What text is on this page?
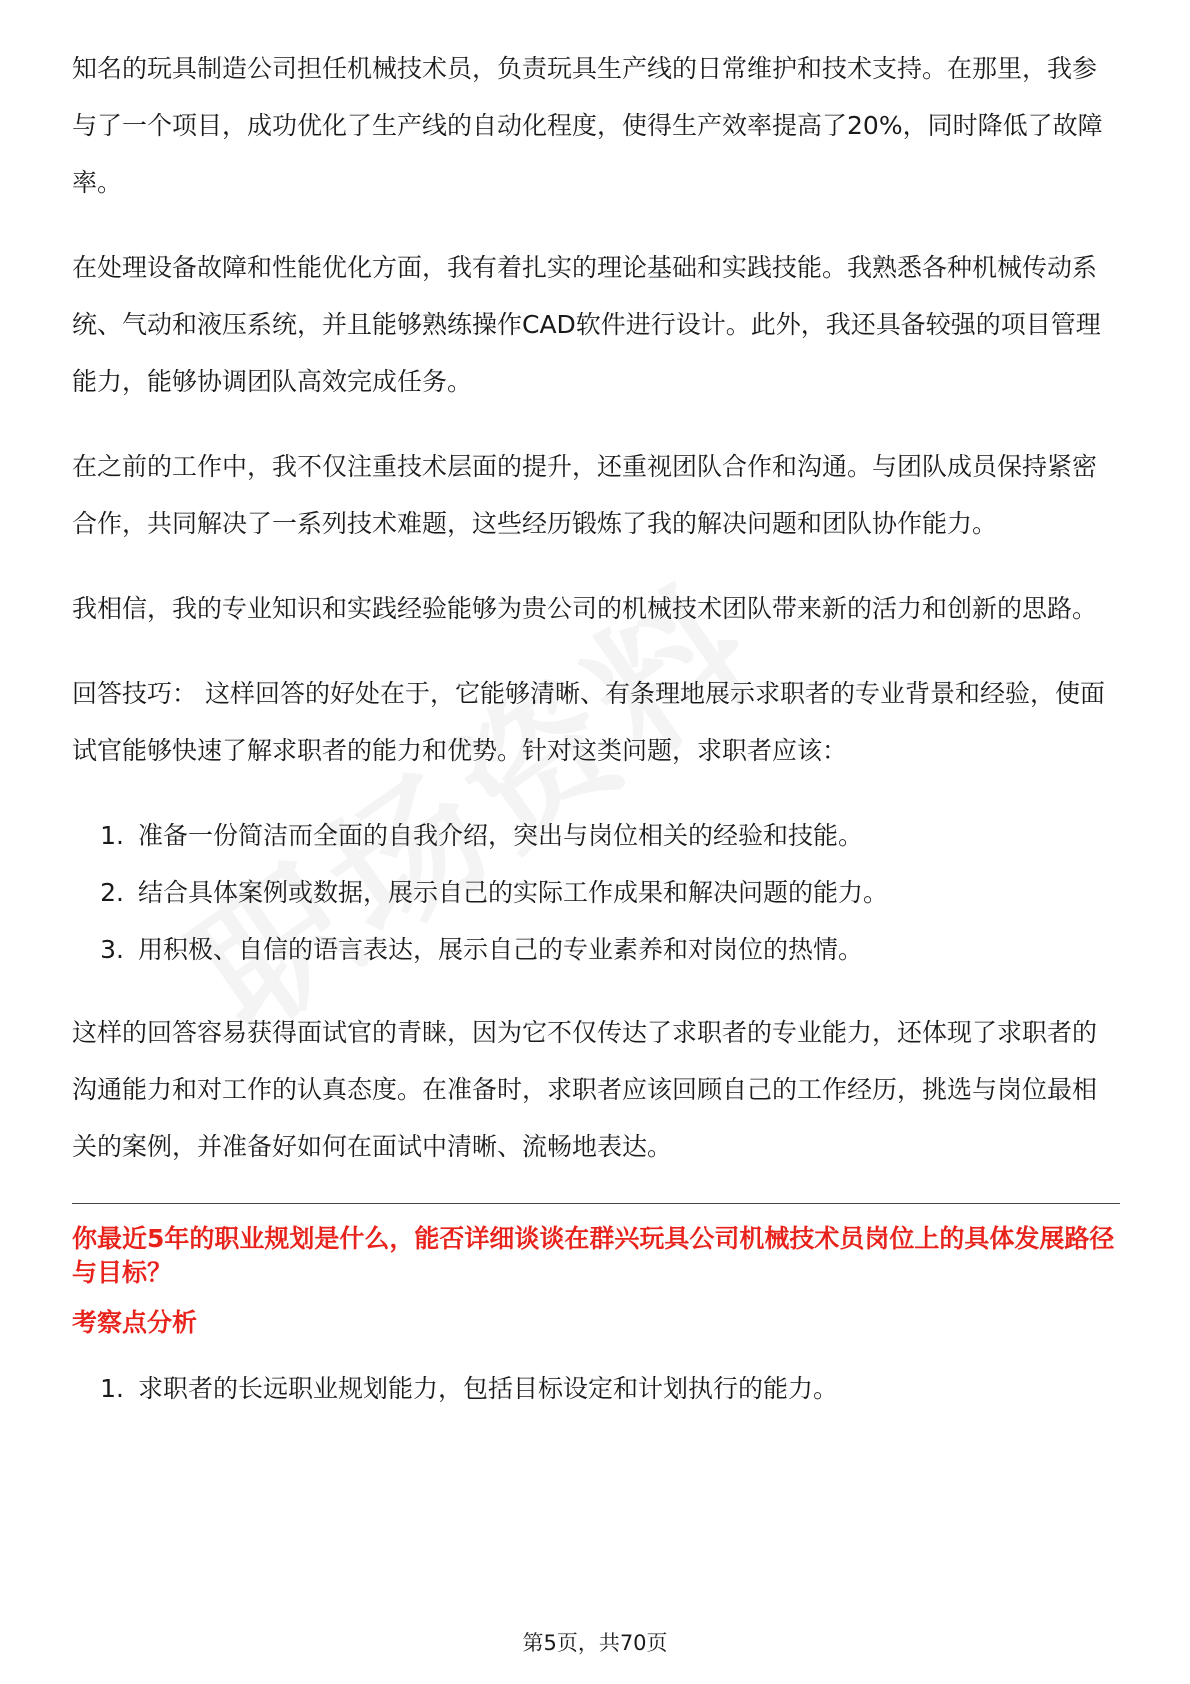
知名的玩具制造公司担任机械技术员，负责玩具生产线的日常维护和技术支持。在那里，我参与了一个项目，成功优化了生产线的自动化程度，使得生产效率提高了20%，同时降低了故障率。

在处理设备故障和性能优化方面，我有着扎实的理论基础和实践技能。我熟悉各种机械传动系统、气动和液压系统，并且能够熟练操作CAD软件进行设计。此外，我还具备较强的项目管理能力，能够协调团队高效完成任务。

在之前的工作中，我不仅注重技术层面的提升，还重视团队合作和沟通。与团队成员保持紧密合作，共同解决了一系列技术难题，这些经历锻炼了我的解决问题和团队协作能力。

我相信，我的专业知识和实践经验能够为贵公司的机械技术团队带来新的活力和创新的思路。

回答技巧： 这样回答的好处在于，它能够清晰、有条理地展示求职者的专业背景和经验，使面试官能够快速了解求职者的能力和优势。针对这类问题，求职者应该：

1. 准备一份简洁而全面的自我介绍，突出与岗位相关的经验和技能。
2. 结合具体案例或数据，展示自己的实际工作成果和解决问题的能力。
3. 用积极、自信的语言表达，展示自己的专业素养和对岗位的热情。

这样的回答容易获得面试官的青睐，因为它不仅传达了求职者的专业能力，还体现了求职者的沟通能力和对工作的认真态度。在准备时，求职者应该回顾自己的工作经历，挑选与岗位最相关的案例，并准备好如何在面试中清晰、流畅地表达。

你最近5年的职业规划是什么，能否详细谈谈在群兴玩具公司机械技术员岗位上的具体发展路径与目标？
考察点分析
1. 求职者的长远职业规划能力，包括目标设定和计划执行的能力。
第5页，共70页
